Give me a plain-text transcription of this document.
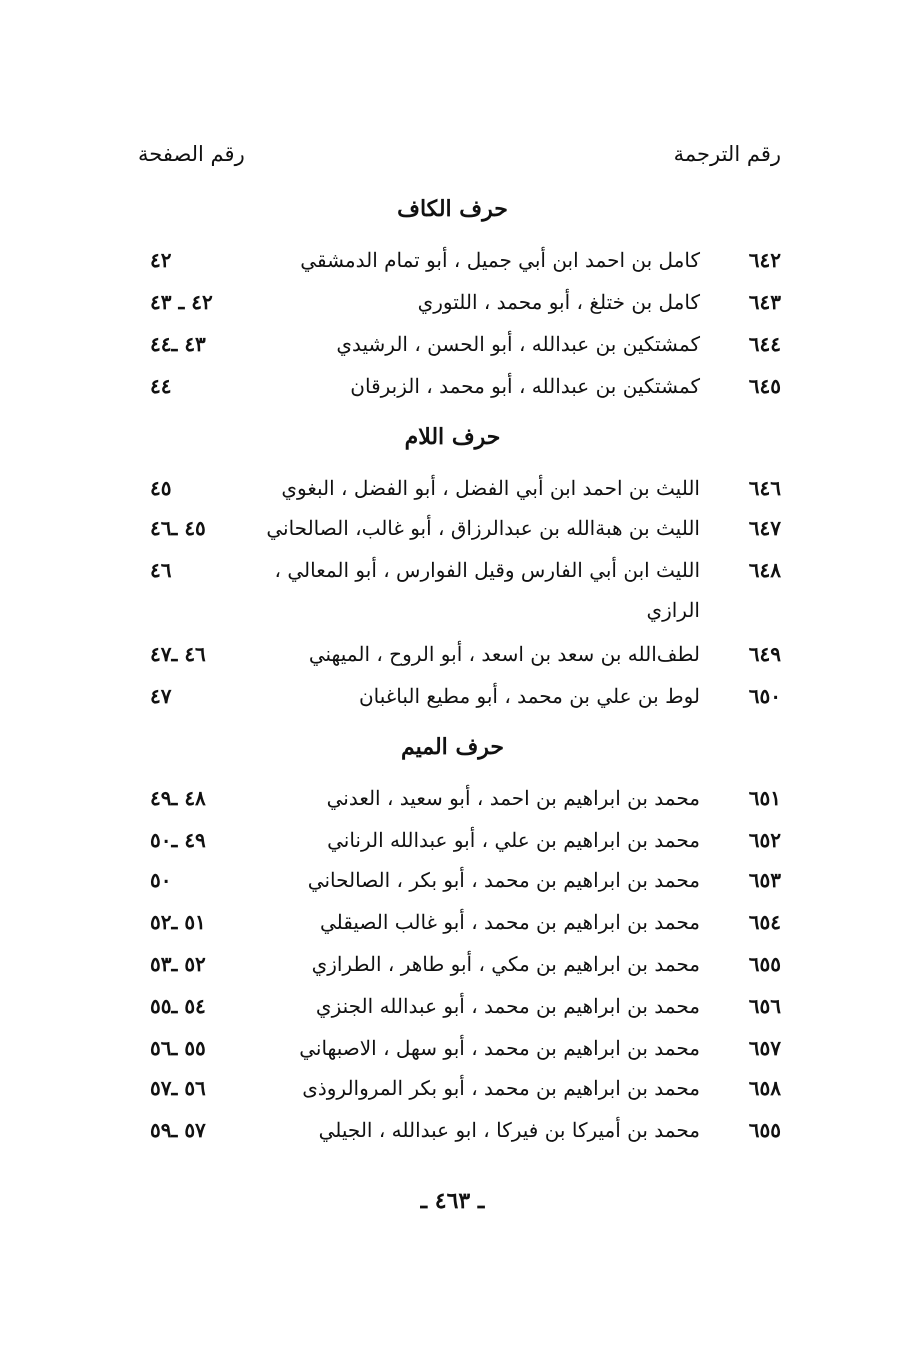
رقم الترجمة
رقم الصفحة
حرف الكاف
٦٤٢
كامل بن احمد ابن أبي جميل ، أبو تمام الدمشقي
٤٢
٦٤٣
كامل بن ختلغ ، أبو محمد ، اللتوري
٤٢ ـ ٤٣
٦٤٤
كمشتكين بن عبدالله ، أبو الحسن ، الرشيدي
٤٣ ـ٤٤
٦٤٥
كمشتكين بن عبدالله ، أبو محمد ، الزبرقان
٤٤
حرف اللام
٦٤٦
الليث بن احمد ابن أبي الفضل ، أبو الفضل ، البغوي
٤٥
٦٤٧
الليث بن هبةالله بن عبدالرزاق ، أبو غالب، الصالحاني
٤٥ ـ٤٦
٦٤٨
الليث ابن أبي الفارس وقيل الفوارس ، أبو المعالي ،
٤٦
الرازي
٦٤٩
لطف‌الله بن سعد بن اسعد ، أبو الروح ، الميهني
٤٦ ـ٤٧
٦٥٠
لوط بن علي بن محمد ، أبو مطيع الباغبان
٤٧
حرف الميم
٦٥١
محمد بن ابراهيم بن احمد ، أبو سعيد ، العدني
٤٨ ـ٤٩
٦٥٢
محمد بن ابراهيم بن علي ، أبو عبدالله الرناني
٤٩ ـ٥٠
٦٥٣
محمد بن ابراهيم بن محمد ، أبو بكر ، الصالحاني
٥٠
٦٥٤
محمد بن ابراهيم بن محمد ، أبو غالب الصيقلي
٥١ ـ٥٢
٦٥٥
محمد بن ابراهيم بن مكي ، أبو طاهر ، الطرازي
٥٢ ـ٥٣
٦٥٦
محمد بن ابراهيم بن محمد ، أبو عبدالله الجنزي
٥٤ ـ٥٥
٦٥٧
محمد بن ابراهيم بن محمد ، أبو سهل ، الاصبهاني
٥٥ ـ٥٦
٦٥٨
محمد بن ابراهيم بن محمد ، أبو بكر المروالروذى
٥٦ ـ٥٧
٦٥٥
محمد بن أميركا بن فيركا ، ابو عبدالله ، الجيلي
٥٧ ـ٥٩
ـ ٤٦٣ ـ
